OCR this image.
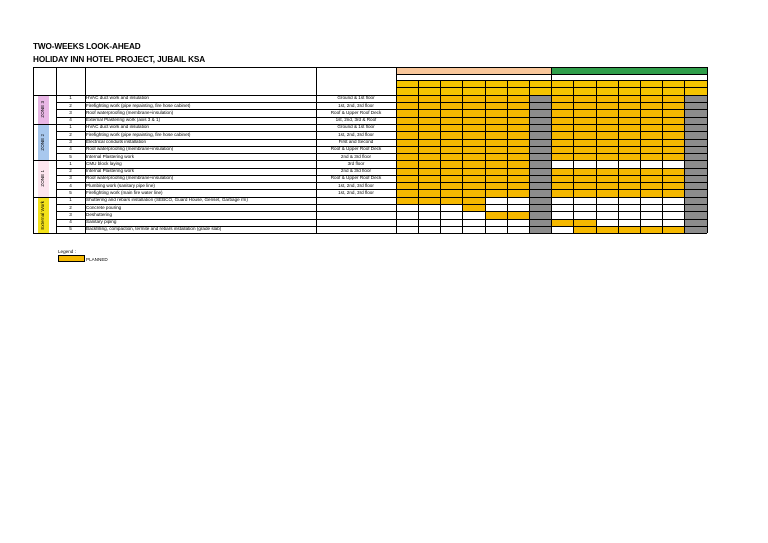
TWO-WEEKS LOOK-AHEAD
HOLIDAY INN HOTEL PROJECT, JUBAIL KSA
ZONE 3
1	HVAC duct work and insulation	Ground & 1st floor
2	Firefighting work (pipe repainting, fire hose cabinet)	1st, 2nd, 3rd floor
3	Roof waterproofing (membrane+insulation)	Roof & Upper Roof Deck
4	External Plastering work (axis 3 & 1)	1st, 2nd, 3rd & Roof
ZONE 2
1	HVAC duct work and insulation	Ground & 1st floor
2	Firefighting work (pipe repainting, fire hose cabinet)	1st, 2nd, 3rd floor
3	Electrical conduits installation	First and Second
4	Roof waterproofing (membrane+insulation)	Roof & Upper Roof Deck
5	Internal Plastering work	2nd & 3rd floor
ZONE 1
1	CMU block laying	3rd floor
2	Internal Plastering work	2nd & 3rd floor
3	Roof waterproofing (membrane+insulation)	Roof & Upper Roof Deck
4	Plumbing work (sanitary pipe line)	1st, 2nd, 3rd floor
5	Firefighting work (main fire water line)	1st, 2nd, 3rd floor
External Work
1	Shuttering and rebars installation (SEBCO, Guard House, Genset, Garbage rm)
2	Concrete pouring
3	Deshuttering
4	Sanitary piping
5	Backfilling, compaction, termite and rebars installation (grade slab)
Legend :
PLANNED
